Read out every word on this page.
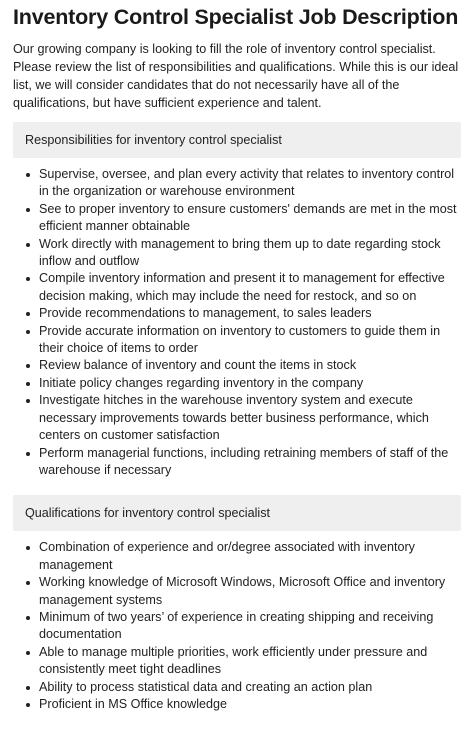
Inventory Control Specialist Job Description

Our growing company is looking to fill the role of inventory control specialist. Please review the list of responsibilities and qualifications. While this is our ideal list, we will consider candidates that do not necessarily have all of the qualifications, but have sufficient experience and talent.

Responsibilities for inventory control specialist
Supervise, oversee, and plan every activity that relates to inventory control in the organization or warehouse environment
See to proper inventory to ensure customers' demands are met in the most efficient manner obtainable
Work directly with management to bring them up to date regarding stock inflow and outflow
Compile inventory information and present it to management for effective decision making, which may include the need for restock, and so on
Provide recommendations to management, to sales leaders
Provide accurate information on inventory to customers to guide them in their choice of items to order
Review balance of inventory and count the items in stock
Initiate policy changes regarding inventory in the company
Investigate hitches in the warehouse inventory system and execute necessary improvements towards better business performance, which centers on customer satisfaction
Perform managerial functions, including retraining members of staff of the warehouse if necessary
Qualifications for inventory control specialist
Combination of experience and or/degree associated with inventory management
Working knowledge of Microsoft Windows, Microsoft Office and inventory management systems
Minimum of two years’ of experience in creating shipping and receiving documentation
Able to manage multiple priorities, work efficiently under pressure and consistently meet tight deadlines
Ability to process statistical data and creating an action plan
Proficient in MS Office knowledge
